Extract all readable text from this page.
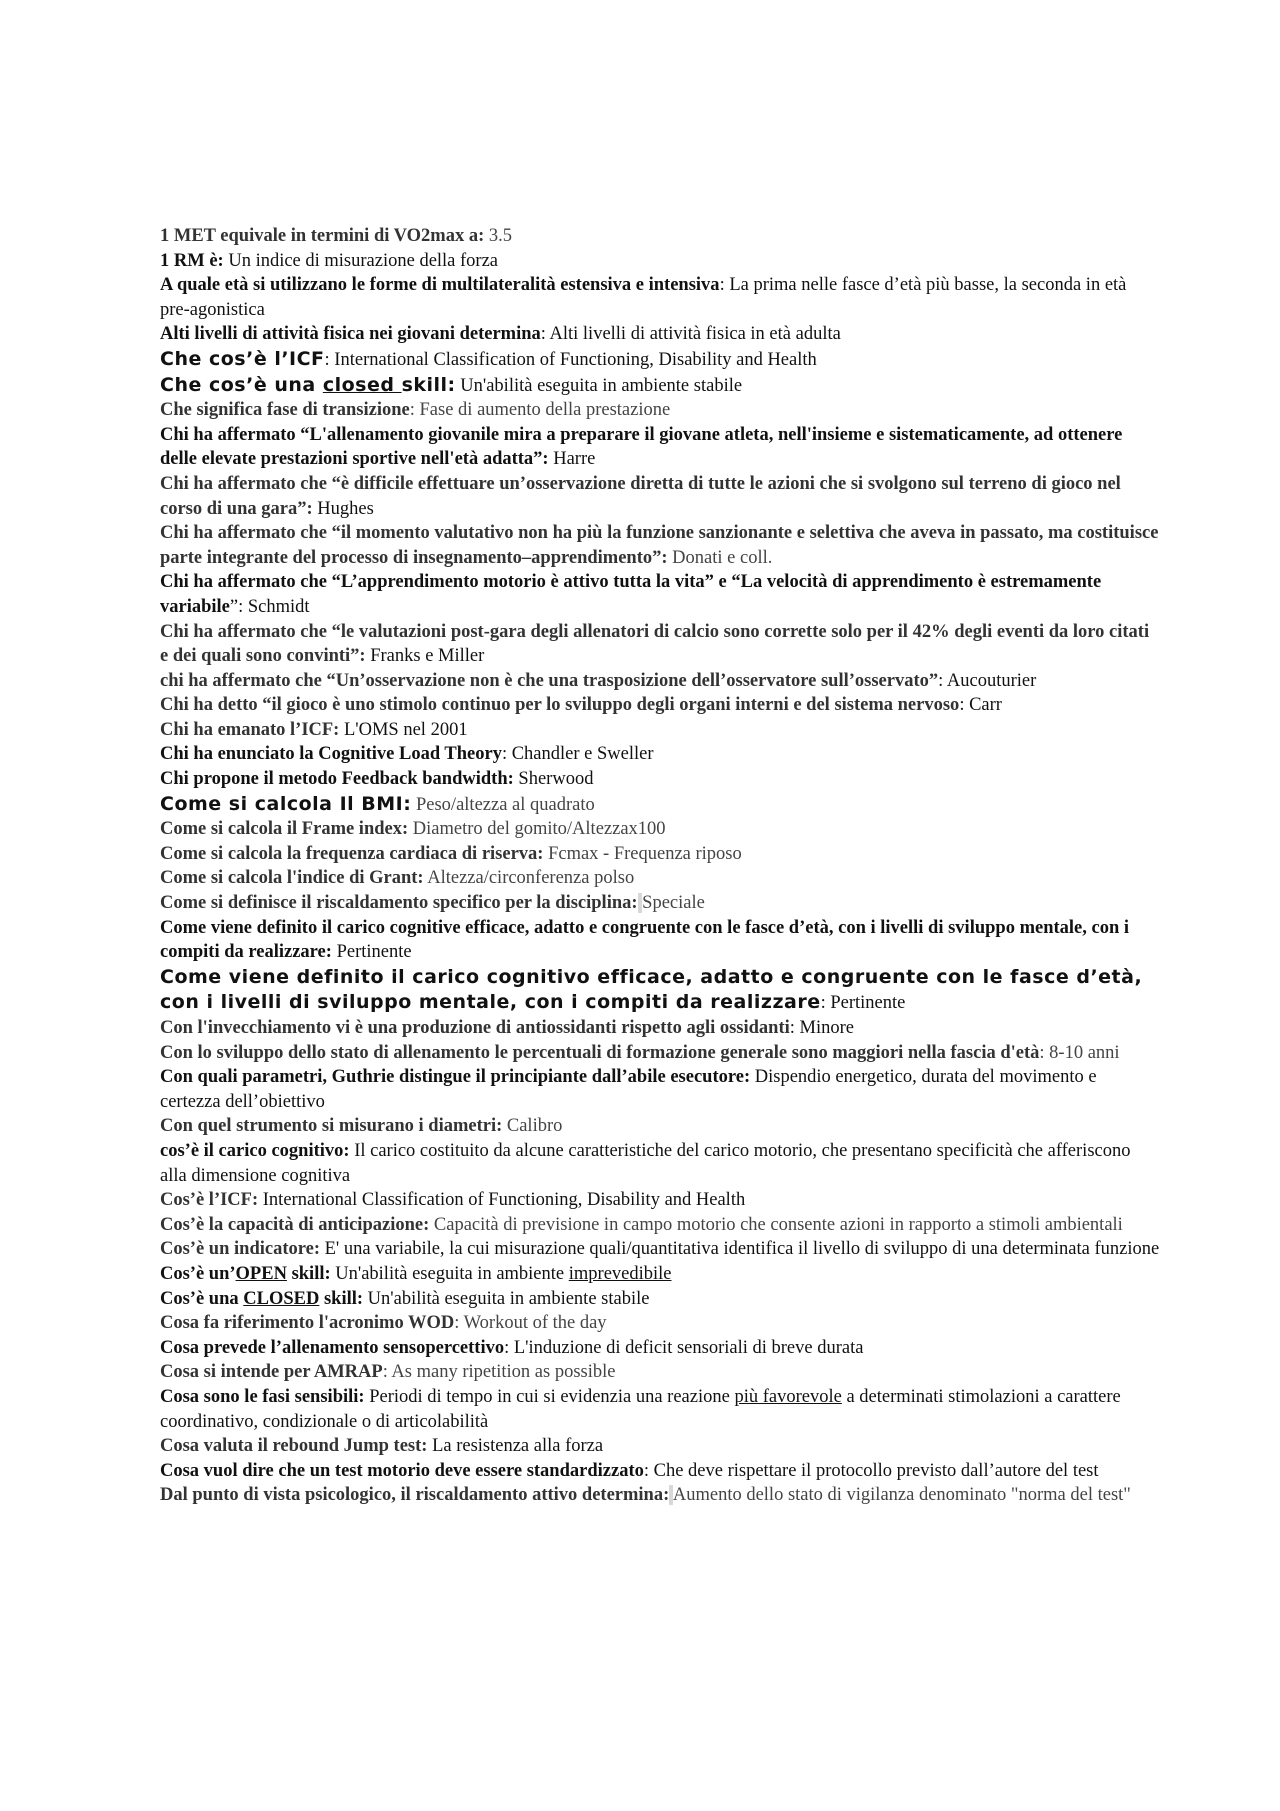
1 MET equivale in termini di VO2max a: 3.5
1 RM è: Un indice di misurazione della forza
A quale età si utilizzano le forme di multilateralità estensiva e intensiva: La prima nelle fasce d’età più basse, la seconda in età pre-agonistica
Alti livelli di attività fisica nei giovani determina: Alti livelli di attività fisica in età adulta
Che cos’è l’ICF: International Classification of Functioning, Disability and Health
Che cos’è una closed skill: Un'abilità eseguita in ambiente stabile
Che significa fase di transizione: Fase di aumento della prestazione
Chi ha affermato “L'allenamento giovanile mira a preparare il giovane atleta, nell'insieme e sistematicamente, ad ottenere delle elevate prestazioni sportive nell'età adatta”: Harre
Chi ha affermato che “è difficile effettuare un’osservazione diretta di tutte le azioni che si svolgono sul terreno di gioco nel corso di una gara”: Hughes
Chi ha affermato che “il momento valutativo non ha più la funzione sanzionante e selettiva che aveva in passato, ma costituisce parte integrante del processo di insegnamento–apprendimento”: Donati e coll.
Chi ha affermato che “L’apprendimento motorio è attivo tutta la vita” e “La velocità di apprendimento è estremamente variabile”: Schmidt
Chi ha affermato che “le valutazioni post-gara degli allenatori di calcio sono corrette solo per il 42% degli eventi da loro citati e dei quali sono convinti”: Franks e Miller
chi ha affermato che “Un’osservazione non è che una trasposizione dell’osservatore sull’osservato”: Aucouturier
Chi ha detto “il gioco è uno stimolo continuo per lo sviluppo degli organi interni e del sistema nervoso: Carr
Chi ha emanato l’ICF: L'OMS nel 2001
Chi ha enunciato la Cognitive Load Theory: Chandler e Sweller
Chi propone il metodo Feedback bandwidth: Sherwood
Come si calcola Il BMI: Peso/altezza al quadrato
Come si calcola il Frame index: Diametro del gomito/Altezzax100
Come si calcola la frequenza cardiaca di riserva: Fcmax - Frequenza riposo
Come si calcola l'indice di Grant: Altezza/circonferenza polso
Come si definisce il riscaldamento specifico per la disciplina: Speciale
Come viene definito il carico cognitive efficace, adatto e congruente con le fasce d’età, con i livelli di sviluppo mentale, con i compiti da realizzare: Pertinente
Come viene definito il carico cognitivo efficace, adatto e congruente con le fasce d’età, con i livelli di sviluppo mentale, con i compiti da realizzare: Pertinente
Con l'invecchiamento vi è una produzione di antiossidanti rispetto agli ossidanti: Minore
Con lo sviluppo dello stato di allenamento le percentuali di formazione generale sono maggiori nella fascia d'età: 8-10 anni
Con quali parametri, Guthrie distingue il principiante dall’abile esecutore: Dispendio energetico, durata del movimento e certezza dell’obiettivo
Con quel strumento si misurano i diametri: Calibro
cos’è il carico cognitivo: Il carico costituito da alcune caratteristiche del carico motorio, che presentano specificità che afferiscono alla dimensione cognitiva
Cos’è l’ICF: International Classification of Functioning, Disability and Health
Cos’è la capacità di anticipazione: Capacità di previsione in campo motorio che consente azioni in rapporto a stimoli ambientali
Cos’è un indicatore: E' una variabile, la cui misurazione quali/quantitativa identifica il livello di sviluppo di una determinata funzione
Cos’è un’OPEN skill: Un'abilità eseguita in ambiente imprevedibile
Cos’è una CLOSED skill: Un'abilità eseguita in ambiente stabile
Cosa fa riferimento l'acronimo WOD: Workout of the day
Cosa prevede l’allenamento sensopercettivo: L'induzione di deficit sensoriali di breve durata
Cosa si intende per AMRAP: As many ripetition as possible
Cosa sono le fasi sensibili: Periodi di tempo in cui si evidenzia una reazione più favorevole a determinati stimolazioni a carattere coordinativo, condizionale o di articolabilità
Cosa valuta il rebound Jump test: La resistenza alla forza
Cosa vuol dire che un test motorio deve essere standardizzato: Che deve rispettare il protocollo previsto dall’autore del test
Dal punto di vista psicologico, il riscaldamento attivo determina: Aumento dello stato di vigilanza denominato "norma del test"
